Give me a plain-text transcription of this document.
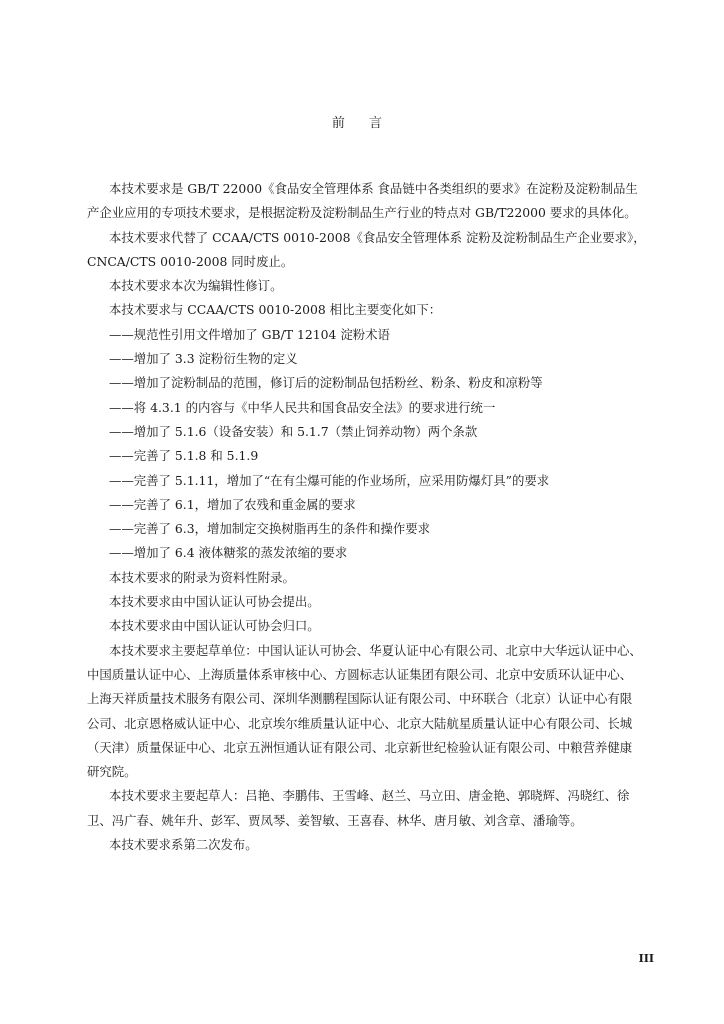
前 言
本技术要求是 GB/T 22000《食品安全管理体系 食品链中各类组织的要求》在淀粉及淀粉制品生
产企业应用的专项技术要求，是根据淀粉及淀粉制品生产行业的特点对 GB/T22000 要求的具体化。
本技术要求代替了 CCAA/CTS 0010-2008《食品安全管理体系 淀粉及淀粉制品生产企业要求》，
CNCA/CTS 0010-2008 同时废止。
本技术要求本次为编辑性修订。
本技术要求与 CCAA/CTS 0010-2008 相比主要变化如下：
——规范性引用文件增加了 GB/T 12104 淀粉术语
——增加了 3.3 淀粉衍生物的定义
——增加了淀粉制品的范围，修订后的淀粉制品包括粉丝、粉条、粉皮和凉粉等
——将 4.3.1 的内容与《中华人民共和国食品安全法》的要求进行统一
——增加了 5.1.6（设备安装）和 5.1.7（禁止饲养动物）两个条款
——完善了 5.1.8 和 5.1.9
——完善了 5.1.11，增加了“在有尘爆可能的作业场所，应采用防爆灯具”的要求
——完善了 6.1，增加了农残和重金属的要求
——完善了 6.3，增加制定交换树脂再生的条件和操作要求
——增加了 6.4 液体糖浆的蒸发浓缩的要求
本技术要求的附录为资料性附录。
本技术要求由中国认证认可协会提出。
本技术要求由中国认证认可协会归口。
本技术要求主要起草单位：中国认证认可协会、华夏认证中心有限公司、北京中大华远认证中心、
中国质量认证中心、上海质量体系审核中心、方圆标志认证集团有限公司、北京中安质环认证中心、
上海天祥质量技术服务有限公司、深圳华测鹏程国际认证有限公司、中环联合（北京）认证中心有限
公司、北京恩格威认证中心、北京埃尔维质量认证中心、北京大陆航星质量认证中心有限公司、长城
（天津）质量保证中心、北京五洲恒通认证有限公司、北京新世纪检验认证有限公司、中粮营养健康
研究院。
本技术要求主要起草人：吕艳、李鹏伟、王雪峰、赵兰、马立田、唐金艳、郭晓辉、冯晓红、徐
卫、冯广春、姚年升、彭军、贾凤琴、姜智敏、王喜春、林华、唐月敏、刘含章、潘瑜等。
本技术要求系第二次发布。
III
